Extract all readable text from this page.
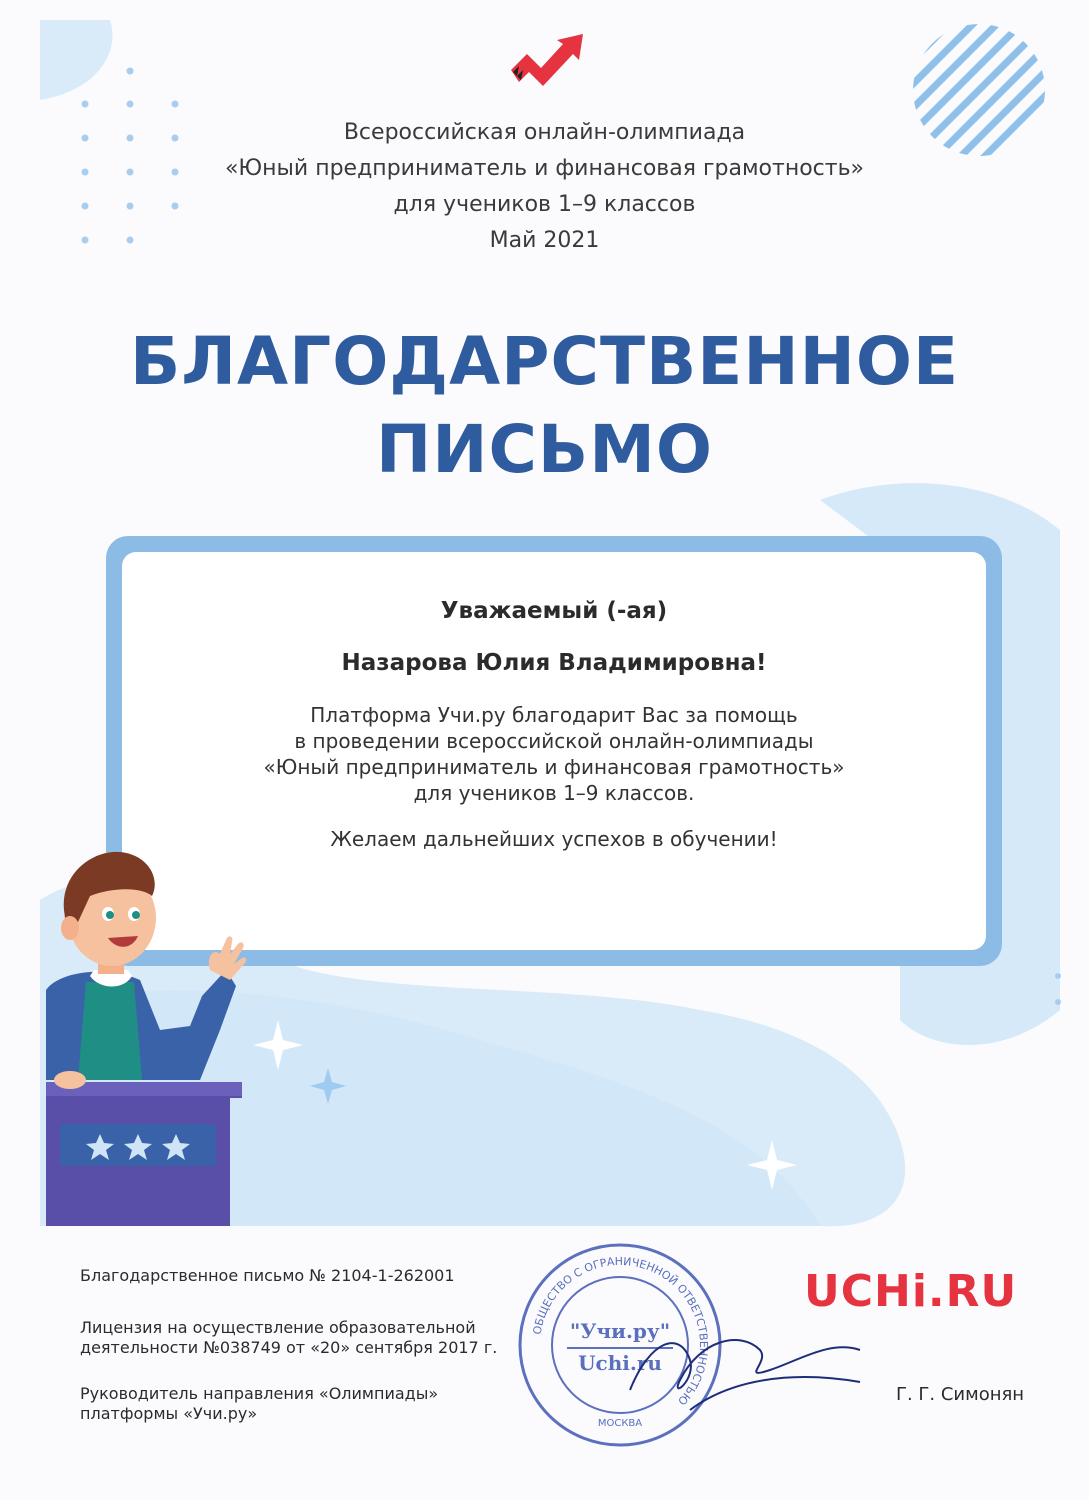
Всероссийская онлайн-олимпиада
«Юный предприниматель и финансовая грамотность»
для учеников 1–9 классов
Май 2021
БЛАГОДАРСТВЕННОЕ
ПИСЬМО
Уважаемый (-ая)
Назарова Юлия Владимировна!
Платформа Учи.ру благодарит Вас за помощь
в проведении всероссийской онлайн-олимпиады
«Юный предприниматель и финансовая грамотность»
для учеников 1–9 классов.
Желаем дальнейших успехов в обучении!
Благодарственное письмо № 2104-1-262001
Лицензия на осуществление образовательной
деятельности №038749 от «20» сентября 2017 г.
Руководитель направления «Олимпиады»
платформы «Учи.ру»
UCHi.RU
Г. Г. Симонян
ОБЩЕСТВО С ОГРАНИЧЕННОЙ ОТВЕТСТВЕННОСТЬЮ
"Учи.ру"
Uchi.ru
МОСКВА
